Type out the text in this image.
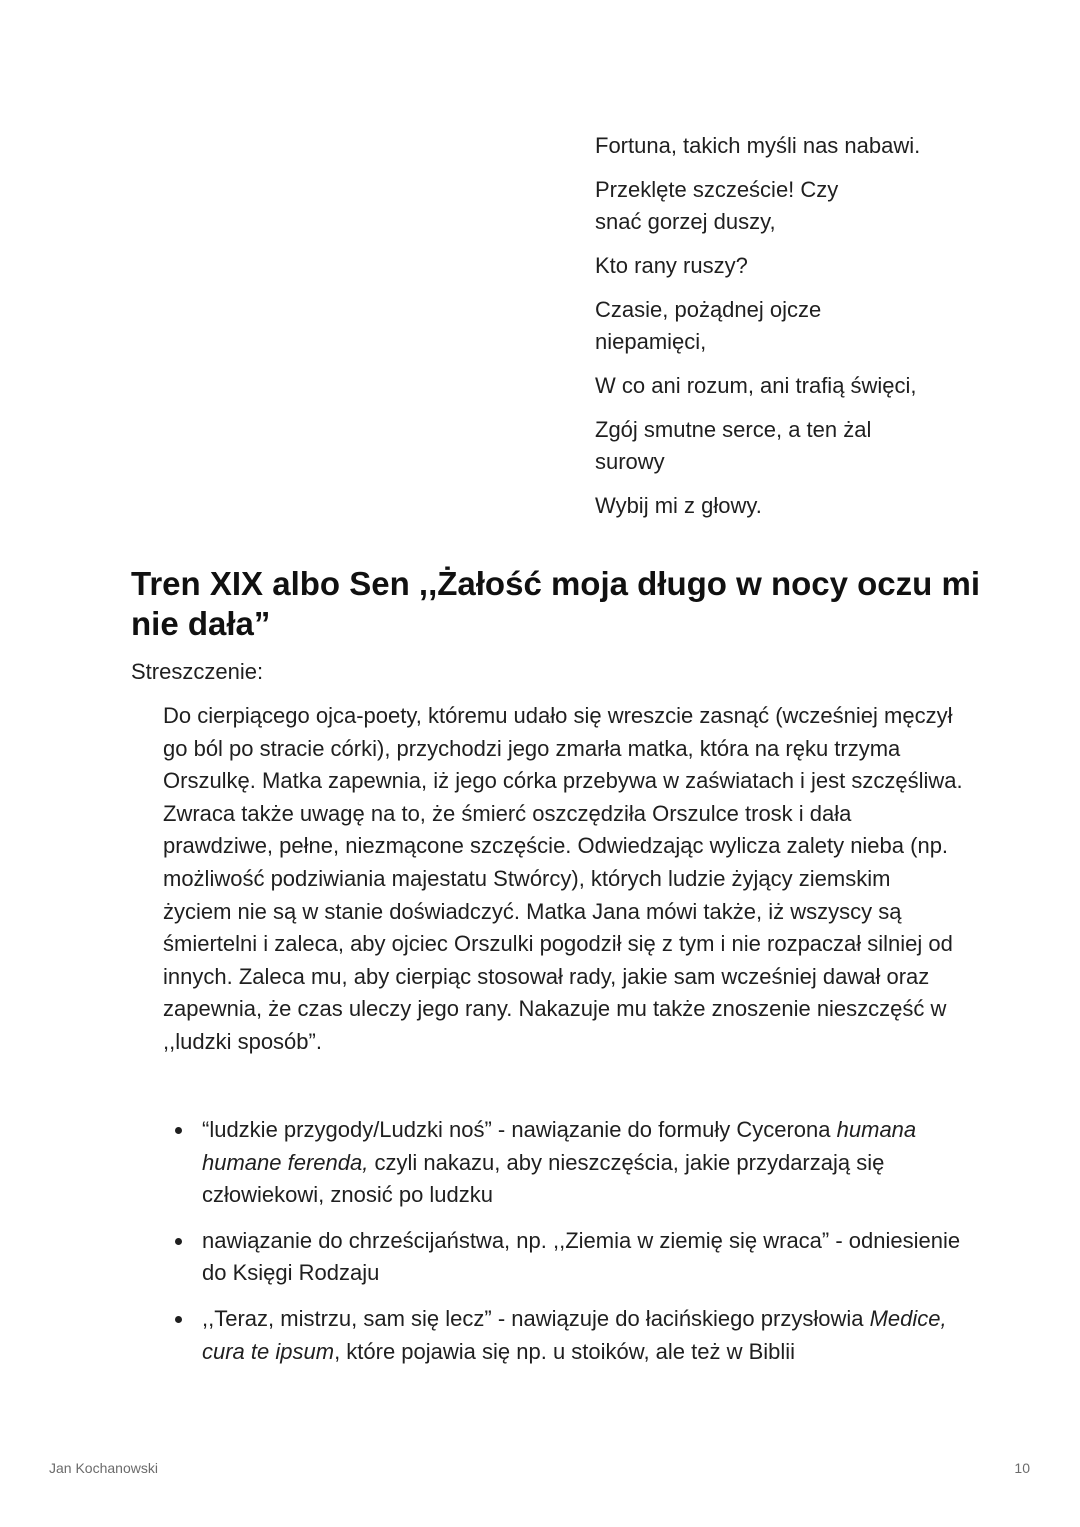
Fortuna, takich myśli nas nabawi.

Przeklęte szczeście! Czy
snać gorzej duszy,

Kto rany ruszy?

Czasie, pożądnej ojcze
niepamięci,

W co ani rozum, ani trafią święci,

Zgój smutne serce, a ten żal
surowy

Wybij mi z głowy.

Tren XIX albo Sen ,,Żałość moja długo w nocy oczu mi nie dała”
Streszczenie:

Do cierpiącego ojca-poety, któremu udało się wreszcie zasnąć (wcześniej męczył go ból po stracie córki), przychodzi jego zmarła matka, która na ręku trzyma Orszulkę. Matka zapewnia, iż jego córka przebywa w zaświatach i jest szczęśliwa. Zwraca także uwagę na to, że śmierć oszczędziła Orszulce trosk i dała prawdziwe, pełne, niezmącone szczęście. Odwiedzając wylicza zalety nieba (np. możliwość podziwiania majestatu Stwórcy), których ludzie żyjący ziemskim życiem nie są w stanie doświadczyć. Matka Jana mówi także, iż wszyscy są śmiertelni i zaleca, aby ojciec Orszulki pogodził się z tym i nie rozpaczał silniej od innych. Zaleca mu, aby cierpiąc stosował rady, jakie sam wcześniej dawał oraz zapewnia, że czas uleczy jego rany. Nakazuje mu także znoszenie nieszczęść w ,,ludzki sposób”.

“ludzkie przygody/Ludzki noś” - nawiązanie do formuły Cycerona humana humane ferenda, czyli nakazu, aby nieszczęścia, jakie przydarzają się człowiekowi, znosić po ludzku
nawiązanie do chrześcijaństwa, np. ,,Ziemia w ziemię się wraca” - odniesienie do Księgi Rodzaju
,,Teraz, mistrzu, sam się lecz” - nawiązuje do łacińskiego przysłowia Medice, cura te ipsum, które pojawia się np. u stoików, ale też w Biblii
Jan Kochanowski	10
